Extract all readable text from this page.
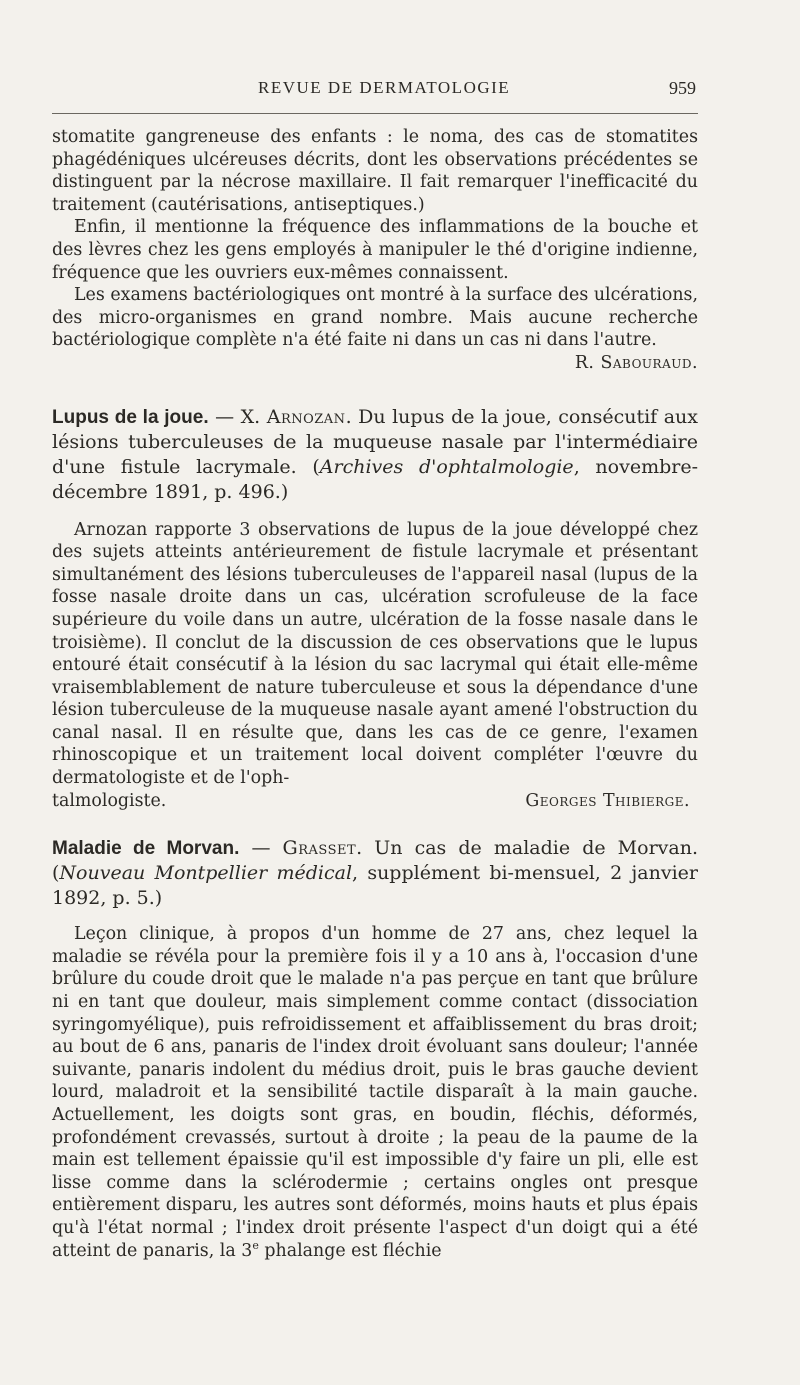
REVUE DE DERMATOLOGIE	959

stomatite gangreneuse des enfants : le noma, des cas de stomatites phagédéniques ulcéreuses décrits, dont les observations précédentes se distinguent par la nécrose maxillaire. Il fait remarquer l'inefficacité du traitement (cautérisations, antiseptiques.)

Enfin, il mentionne la fréquence des inflammations de la bouche et des lèvres chez les gens employés à manipuler le thé d'origine indienne, fréquence que les ouvriers eux-mêmes connaissent.

Les examens bactériologiques ont montré à la surface des ulcérations, des micro-organismes en grand nombre. Mais aucune recherche bactériologique complète n'a été faite ni dans un cas ni dans l'autre.

R. Sabouraud.

Lupus de la joue. — X. Arnozan. Du lupus de la joue, consécutif aux lésions tuberculeuses de la muqueuse nasale par l'intermédiaire d'une fistule lacrymale. (Archives d'ophtalmologie, novembre-décembre 1891, p. 496.)

Arnozan rapporte 3 observations de lupus de la joue développé chez des sujets atteints antérieurement de fistule lacrymale et présentant simultanément des lésions tuberculeuses de l'appareil nasal (lupus de la fosse nasale droite dans un cas, ulcération scrofuleuse de la face supérieure du voile dans un autre, ulcération de la fosse nasale dans le troisième). Il conclut de la discussion de ces observations que le lupus entouré était consécutif à la lésion du sac lacrymal qui était elle-même vraisemblablement de nature tuberculeuse et sous la dépendance d'une lésion tuberculeuse de la muqueuse nasale ayant amené l'obstruction du canal nasal. Il en résulte que, dans les cas de ce genre, l'examen rhinoscopique et un traitement local doivent compléter l'œuvre du dermatologiste et de l'oph-

talmologiste.	Georges Thibierge.

Maladie de Morvan. — Grasset. Un cas de maladie de Morvan.(Nouveau Montpellier médical, supplément bi-mensuel, 2 janvier 1892, p. 5.)

Leçon clinique, à propos d'un homme de 27 ans, chez lequel la maladie se révéla pour la première fois il y a 10 ans à, l'occasion d'une brûlure du coude droit que le malade n'a pas perçue en tant que brûlure ni en tant que douleur, mais simplement comme contact (dissociation syringomyélique), puis refroidissement et affaiblissement du bras droit; au bout de 6 ans, panaris de l'index droit évoluant sans douleur; l'année suivante, panaris indolent du médius droit, puis le bras gauche devient lourd, maladroit et la sensibilité tactile disparaît à la main gauche. Actuellement, les doigts sont gras, en boudin, fléchis, déformés, profondément crevassés, surtout à droite ; la peau de la paume de la main est tellement épaissie qu'il est impossible d'y faire un pli, elle est lisse comme dans la sclérodermie ; certains ongles ont presque entièrement disparu, les autres sont déformés, moins hauts et plus épais qu'à l'état normal ; l'index droit présente l'aspect d'un doigt qui a été atteint de panaris, la 3e phalange est fléchie
